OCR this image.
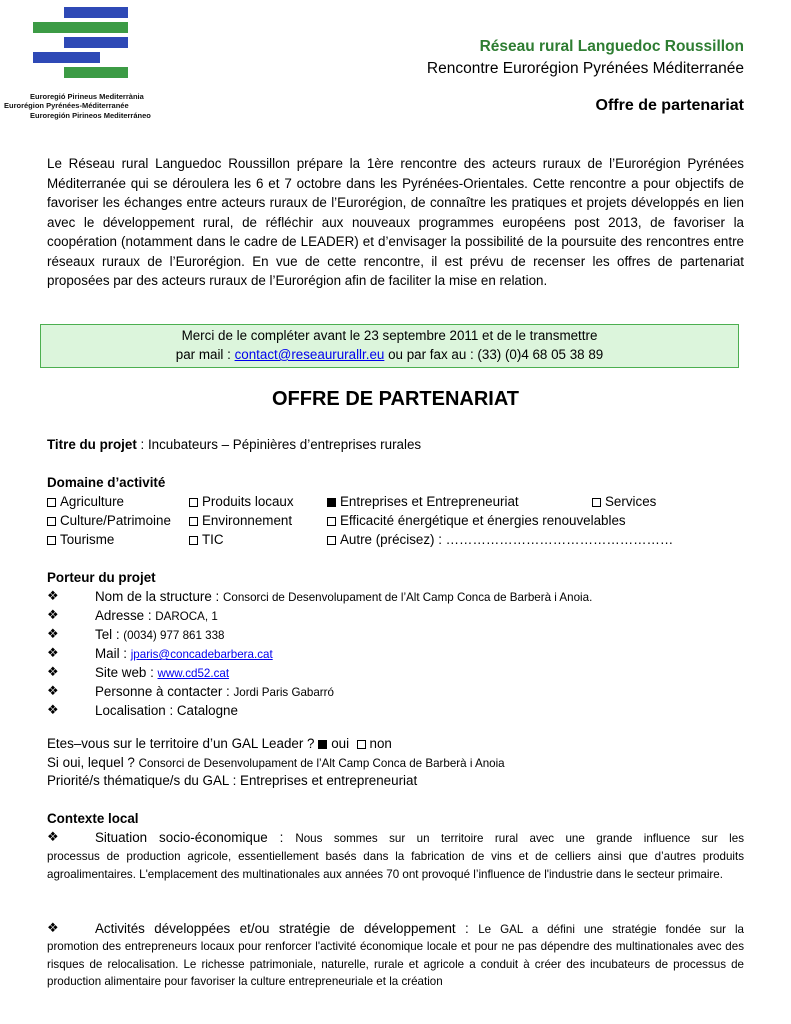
Euroregió Pirineus Mediterrània
Eurorégion Pyrénées-Méditerranée
Euroregión Pirineos Mediterráneo
Réseau rural Languedoc Roussillon
Rencontre Eurorégion Pyrénées Méditerranée
Offre de partenariat
Le Réseau rural Languedoc Roussillon prépare la 1ère rencontre des acteurs ruraux de l’Eurorégion Pyrénées Méditerranée qui se déroulera les 6 et 7 octobre dans les Pyrénées-Orientales. Cette rencontre a pour objectifs de favoriser les échanges entre acteurs ruraux de l’Eurorégion, de connaître les pratiques et projets développés en lien avec le développement rural, de réfléchir aux nouveaux programmes européens post 2013, de favoriser la coopération (notamment dans le cadre de LEADER) et d’envisager la possibilité de la poursuite des rencontres entre réseaux ruraux de l’Eurorégion. En vue de cette rencontre, il est prévu de recenser les offres de partenariat proposées par des acteurs ruraux de l’Eurorégion afin de faciliter la mise en relation.
Merci de le compléter avant le 23 septembre 2011 et de le transmettre
par mail : contact@reseaururallr.eu ou par fax au : (33) (0)4 68 05 38 89
OFFRE DE PARTENARIAT
Titre du projet : Incubateurs – Pépinières d’entreprises rurales
Domaine d’activité
Agriculture	Produits locaux	Entreprises et Entrepreneuriat	Services
Culture/Patrimoine	Environnement	Efficacité énergétique et énergies renouvelables
Tourisme	TIC	Autre (précisez) : ……………………………………………
Porteur du projet
❖	Nom de la structure : Consorci de Desenvolupament de l’Alt Camp Conca de Barberà i Anoia.
❖	Adresse : DAROCA, 1
❖	Tel : (0034) 977 861 338
❖	Mail : jparis@concadebarbera.cat
❖	Site web : www.cd52.cat
❖	Personne à contacter : Jordi Paris Gabarró
❖	Localisation : Catalogne
Etes–vous sur le territoire d’un GAL Leader ? oui non
Si oui, lequel ? Consorci de Desenvolupament de l’Alt Camp Conca de Barberà i Anoia
Priorité/s thématique/s du GAL : Entreprises et entrepreneuriat
Contexte local
❖	Situation socio-économique : Nous sommes sur un territoire rural avec une grande influence sur les
processus de production agricole, essentiellement basés dans la fabrication de vins et de celliers ainsi que d’autres produits agroalimentaires. L'emplacement des multinationales aux années 70 ont provoqué l’influence de l'industrie dans le secteur primaire.
❖	Activités développées et/ou stratégie de développement : Le GAL a défini une stratégie fondée sur la
promotion des entrepreneurs locaux pour renforcer l'activité économique locale et pour ne pas dépendre des multinationales avec des risques de relocalisation. Le richesse patrimoniale, naturelle, rurale et agricole a conduit à créer des incubateurs de processus de production alimentaire pour favoriser la culture entrepreneuriale et la création
